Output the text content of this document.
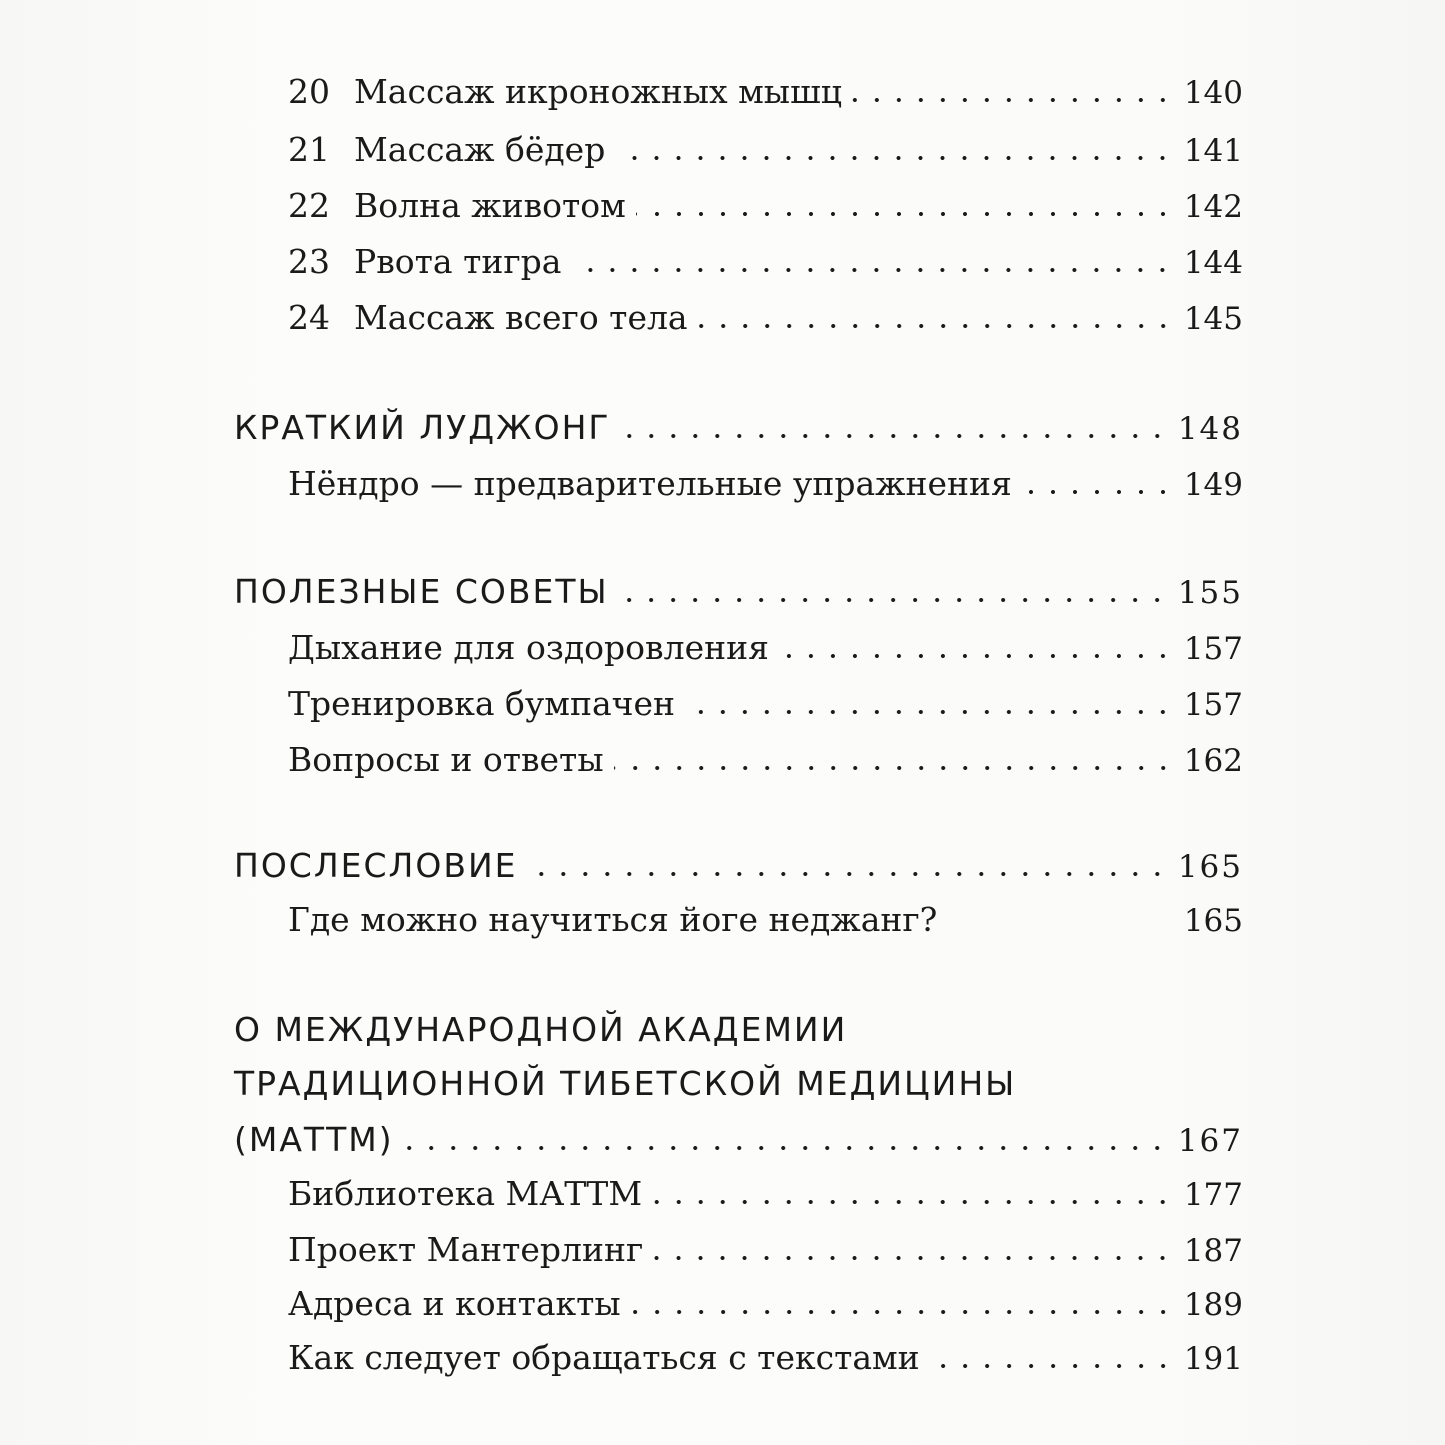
20 Массаж икроножных мышц	140
21 Массаж бёдер	141
22 Волна животом	142
23 Рвота тигра	144
24 Массаж всего тела	145
КРАТКИЙ ЛУДЖОНГ	148
Нёндро — предварительные упражнения	149
ПОЛЕЗНЫЕ СОВЕТЫ	155
Дыхание для оздоровления	157
Тренировка бумпачен	157
Вопросы и ответы	162
ПОСЛЕСЛОВИЕ	165
Где можно научиться йоге неджанг?	165
О МЕЖДУНАРОДНОЙ АКАДЕМИИ
ТРАДИЦИОННОЙ ТИБЕТСКОЙ МЕДИЦИНЫ
(МАТТМ)	167
Библиотека МАТТМ	177
Проект Мантерлинг	187
Адреса и контакты	189
Как следует обращаться с текстами	191
